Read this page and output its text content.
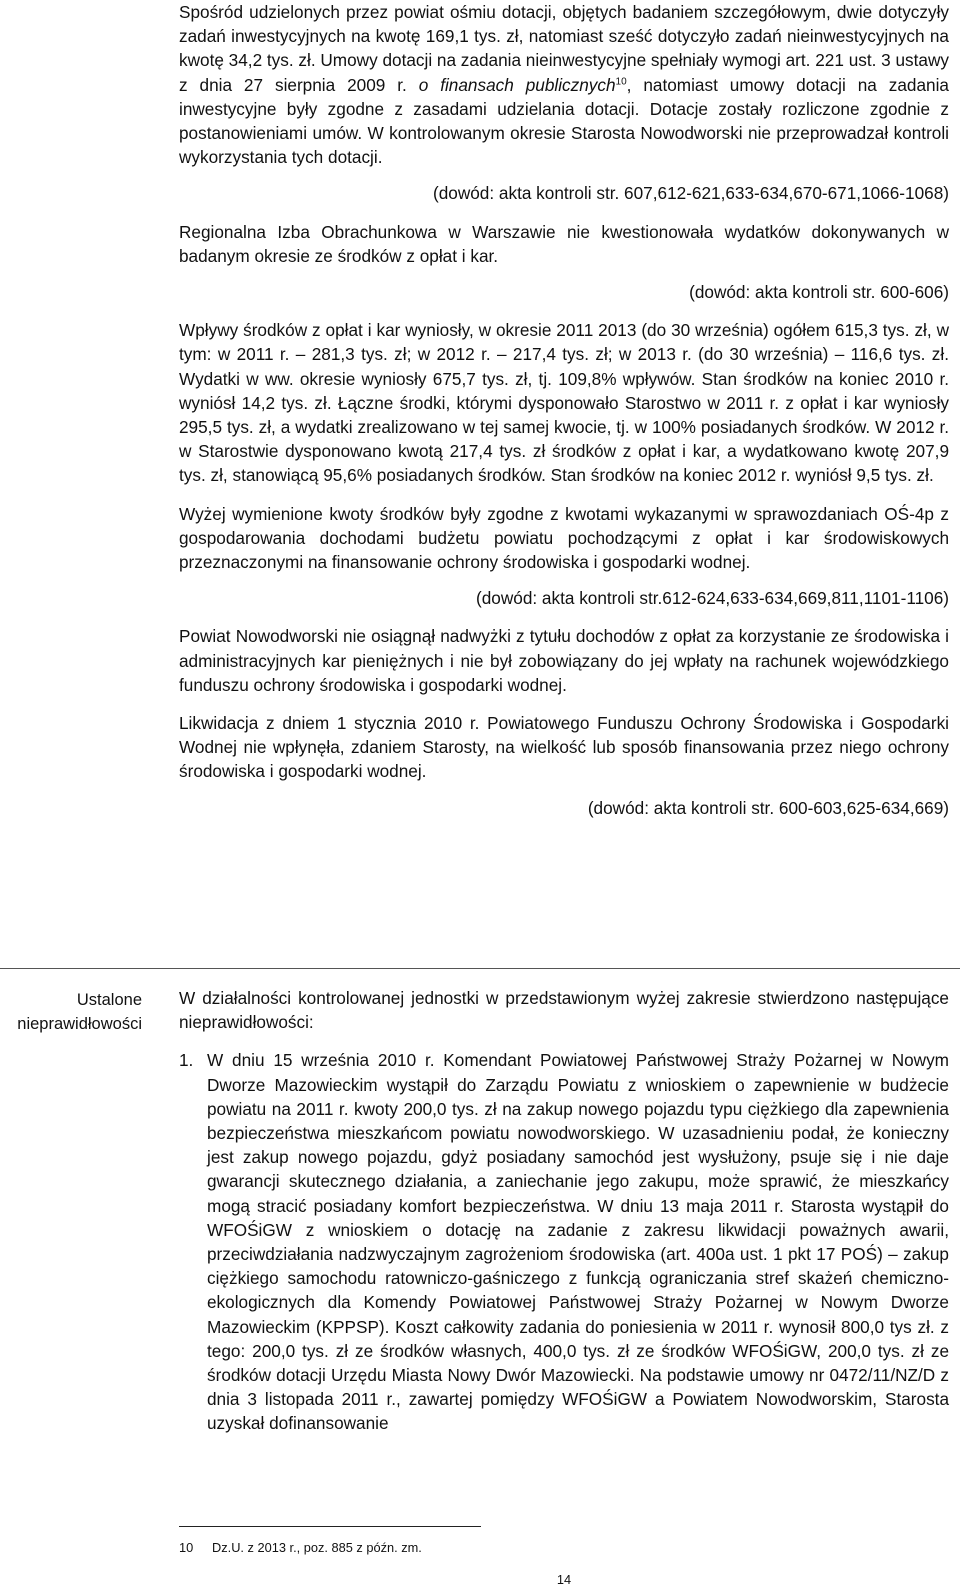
Spośród udzielonych przez powiat ośmiu dotacji, objętych badaniem szczegółowym, dwie dotyczyły zadań inwestycyjnych na kwotę 169,1 tys. zł, natomiast sześć dotyczyło zadań nieinwestycyjnych na kwotę 34,2 tys. zł. Umowy dotacji na zadania nieinwestycyjne spełniały wymogi art. 221 ust. 3 ustawy z dnia 27 sierpnia 2009 r. o finansach publicznych$^{10}$, natomiast umowy dotacji na zadania inwestycyjne były zgodne z zasadami udzielania dotacji. Dotacje zostały rozliczone zgodnie z postanowieniami umów. W kontrolowanym okresie Starosta Nowodworski nie przeprowadzał kontroli wykorzystania tych dotacji.

(dowód: akta kontroli str. 607,612-621,633-634,670-671,1066-1068)

Regionalna Izba Obrachunkowa w Warszawie nie kwestionowała wydatków dokonywanych w badanym okresie ze środków z opłat i kar.

(dowód: akta kontroli str. 600-606)

Wpływy środków z opłat i kar wyniosły, w okresie 2011 2013 (do 30 września) ogółem 615,3 tys. zł, w tym: w 2011 r. – 281,3 tys. zł; w 2012 r. – 217,4 tys. zł; w 2013 r. (do 30 września) – 116,6 tys. zł. Wydatki w ww. okresie wyniosły 675,7 tys. zł, tj. 109,8% wpływów. Stan środków na koniec 2010 r. wyniósł 14,2 tys. zł. Łączne środki, którymi dysponowało Starostwo w 2011 r. z opłat i kar wyniosły 295,5 tys. zł, a wydatki zrealizowano w tej samej kwocie, tj. w 100% posiadanych środków. W 2012 r. w Starostwie dysponowano kwotą 217,4 tys. zł środków z opłat i kar, a wydatkowano kwotę 207,9 tys. zł, stanowiącą 95,6% posiadanych środków. Stan środków na koniec 2012 r. wyniósł 9,5 tys. zł.

Wyżej wymienione kwoty środków były zgodne z kwotami wykazanymi w sprawozdaniach OŚ-4p z gospodarowania dochodami budżetu powiatu pochodzącymi z opłat i kar środowiskowych przeznaczonymi na finansowanie ochrony środowiska i gospodarki wodnej.

(dowód: akta kontroli str.612-624,633-634,669,811,1101-1106)

Powiat Nowodworski nie osiągnął nadwyżki z tytułu dochodów z opłat za korzystanie ze środowiska i administracyjnych kar pieniężnych i nie był zobowiązany do jej wpłaty na rachunek wojewódzkiego funduszu ochrony środowiska i gospodarki wodnej.

Likwidacja z dniem 1 stycznia 2010 r. Powiatowego Funduszu Ochrony Środowiska i Gospodarki Wodnej nie wpłynęła, zdaniem Starosty, na wielkość lub sposób finansowania przez niego ochrony środowiska i gospodarki wodnej.

(dowód: akta kontroli str. 600-603,625-634,669)

Ustalone nieprawidłowości

W działalności kontrolowanej jednostki w przedstawionym wyżej zakresie stwierdzono następujące nieprawidłowości:

1. W dniu 15 września 2010 r. Komendant Powiatowej Państwowej Straży Pożarnej w Nowym Dworze Mazowieckim wystąpił do Zarządu Powiatu z wnioskiem o zapewnienie w budżecie powiatu na 2011 r. kwoty 200,0 tys. zł na zakup nowego pojazdu typu ciężkiego dla zapewnienia bezpieczeństwa mieszkańcom powiatu nowodworskiego. W uzasadnieniu podał, że konieczny jest zakup nowego pojazdu, gdyż posiadany samochód jest wysłużony, psuje się i nie daje gwarancji skutecznego działania, a zaniechanie jego zakupu, może sprawić, że mieszkańcy mogą stracić posiadany komfort bezpieczeństwa. W dniu 13 maja 2011 r. Starosta wystąpił do WFOŚiGW z wnioskiem o dotację na zadanie z zakresu likwidacji poważnych awarii, przeciwdziałania nadzwyczajnym zagrożeniom środowiska (art. 400a ust. 1 pkt 17 POŚ) – zakup ciężkiego samochodu ratowniczo-gaśniczego z funkcją ograniczania stref skażeń chemiczno-ekologicznych dla Komendy Powiatowej Państwowej Straży Pożarnej w Nowym Dworze Mazowieckim (KPPSP). Koszt całkowity zadania do poniesienia w 2011 r. wynosił 800,0 tys zł. z tego: 200,0 tys. zł ze środków własnych, 400,0 tys. zł ze środków WFOŚiGW, 200,0 tys. zł ze środków dotacji Urzędu Miasta Nowy Dwór Mazowiecki. Na podstawie umowy nr 0472/11/NZ/D z dnia 3 listopada 2011 r., zawartej pomiędzy WFOŚiGW a Powiatem Nowodworskim, Starosta uzyskał dofinansowanie

10 Dz.U. z 2013 r., poz. 885 z późn. zm.
14
